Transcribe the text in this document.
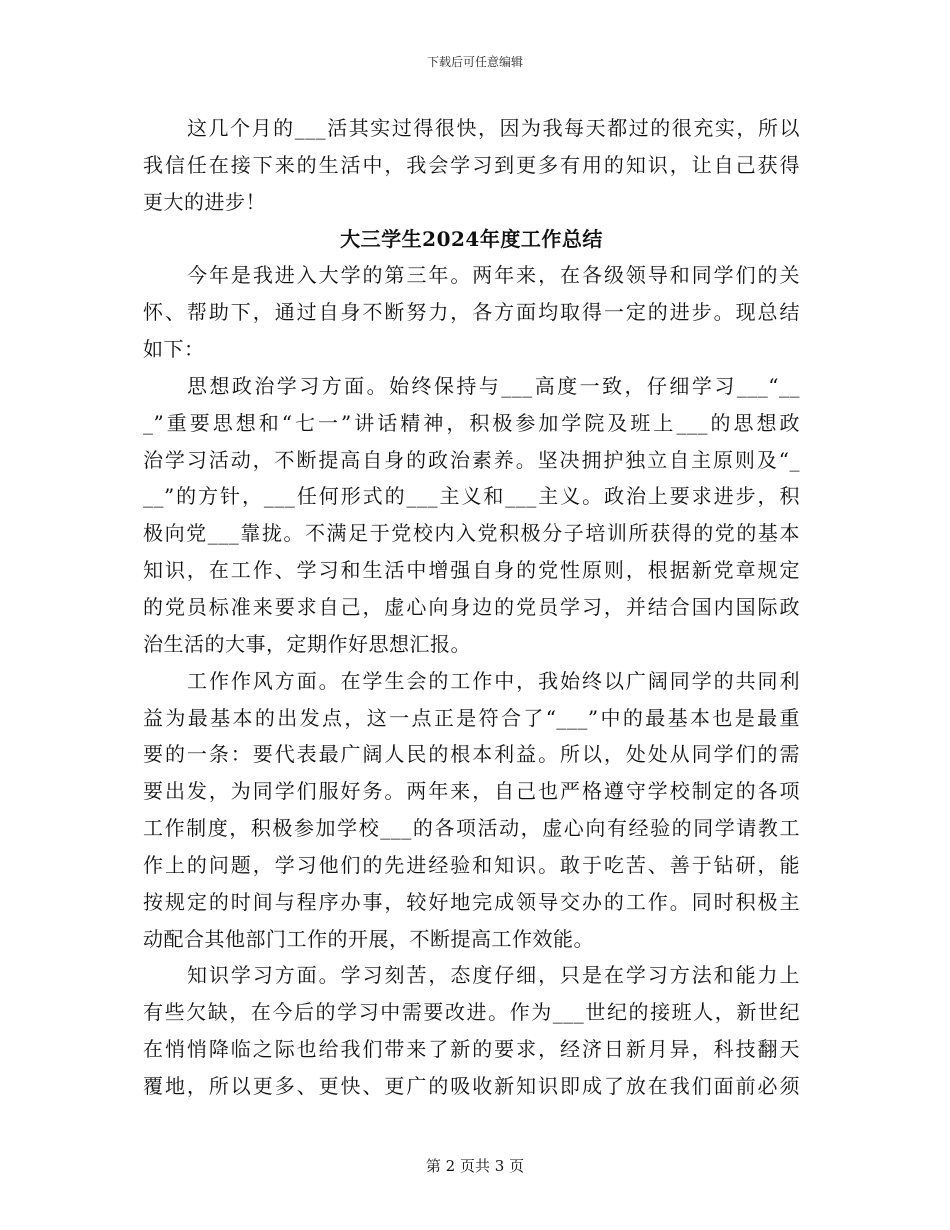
下载后可任意编辑
这几个月的___活其实过得很快，因为我每天都过的很充实，所以
我信任在接下来的生活中，我会学习到更多有用的知识，让自己获得
更大的进步！
大三学生2024年度工作总结
今年是我进入大学的第三年。两年来，在各级领导和同学们的关
怀、帮助下，通过自身不断努力，各方面均取得一定的进步。现总结
如下：
思想政治学习方面。始终保持与___高度一致，仔细学习___“__
_”重要思想和“七一”讲话精神，积极参加学院及班上___的思想政
治学习活动，不断提高自身的政治素养。坚决拥护独立自主原则及“_
__”的方针，___任何形式的___主义和___主义。政治上要求进步，积
极向党___靠拢。不满足于党校内入党积极分子培训所获得的党的基本
知识，在工作、学习和生活中增强自身的党性原则，根据新党章规定
的党员标准来要求自己，虚心向身边的党员学习，并结合国内国际政
治生活的大事，定期作好思想汇报。
工作作风方面。在学生会的工作中，我始终以广阔同学的共同利
益为最基本的出发点，这一点正是符合了“___”中的最基本也是最重
要的一条：要代表最广阔人民的根本利益。所以，处处从同学们的需
要出发，为同学们服好务。两年来，自己也严格遵守学校制定的各项
工作制度，积极参加学校___的各项活动，虚心向有经验的同学请教工
作上的问题，学习他们的先进经验和知识。敢于吃苦、善于钻研，能
按规定的时间与程序办事，较好地完成领导交办的工作。同时积极主
动配合其他部门工作的开展，不断提高工作效能。
知识学习方面。学习刻苦，态度仔细，只是在学习方法和能力上
有些欠缺，在今后的学习中需要改进。作为___世纪的接班人，新世纪
在悄悄降临之际也给我们带来了新的要求，经济日新月异，科技翻天
覆地，所以更多、更快、更广的吸收新知识即成了放在我们面前必须
第 2 页共 3 页
